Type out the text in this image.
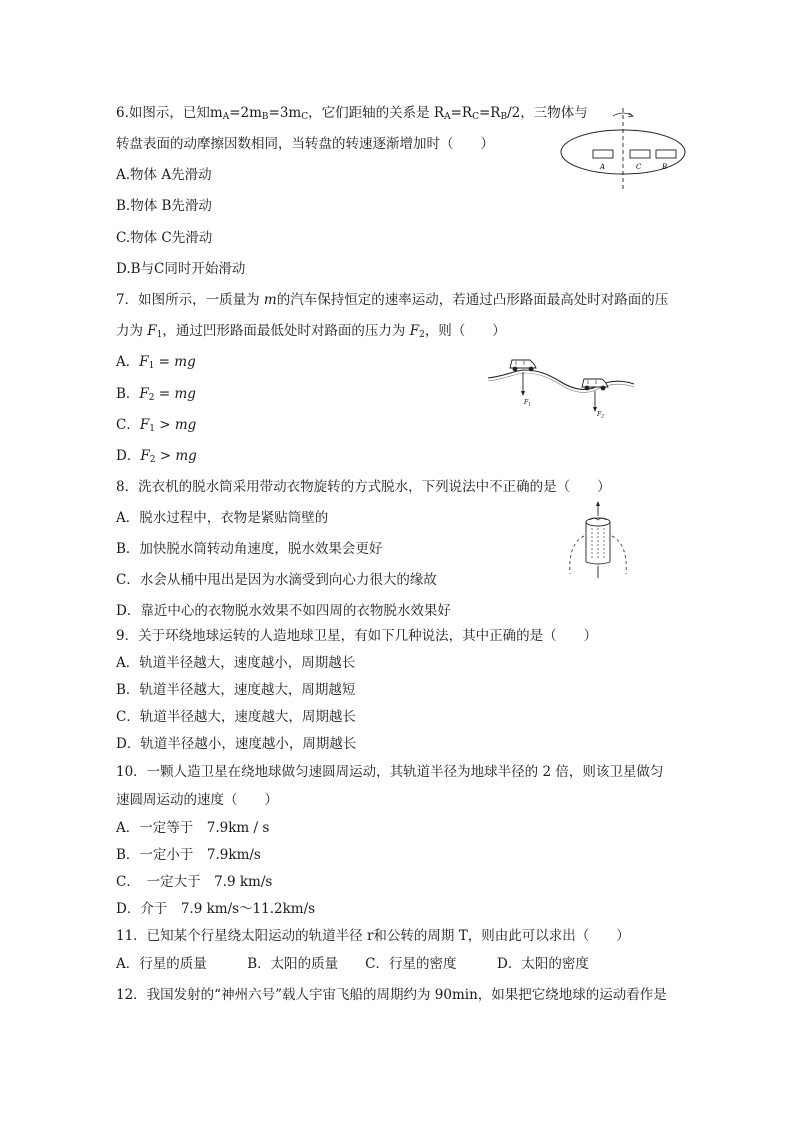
6.如图示，已知$m_A=2m_B=3m_C$，它们距轴的关系是 $R_A=R_C=R_B/2$，三物体与
转盘表面的动摩擦因数相同，当转盘的转速逐渐增加时（　　）
A.物体 A先滑动
B.物体 B先滑动
C.物体 C先滑动
D.B与C同时开始滑动
A	C	B
7．如图所示，一质量为 m的汽车保持恒定的速率运动，若通过凸形路面最高处时对路面的压
力为 $F_1$，通过凹形路面最低处时对路面的压力为 $F_2$，则（　　）
A．$F_1$ = mg
B．$F_2$ = mg
C．$F_1$ > mg
D．$F_2$ > mg
$F_1$
$F_2$
8．洗衣机的脱水筒采用带动衣物旋转的方式脱水，下列说法中不正确的是（　　）
A．脱水过程中，衣物是紧贴筒壁的
B．加快脱水筒转动角速度，脱水效果会更好
C．水会从桶中甩出是因为水滴受到向心力很大的缘故
D．靠近中心的衣物脱水效果不如四周的衣物脱水效果好
9．关于环绕地球运转的人造地球卫星，有如下几种说法，其中正确的是（　　）
A．轨道半径越大，速度越小，周期越长
B．轨道半径越大，速度越大，周期越短
C．轨道半径越大，速度越大，周期越长
D．轨道半径越小，速度越小，周期越长
10．一颗人造卫星在绕地球做匀速圆周运动，其轨道半径为地球半径的 2 倍，则该卫星做匀
速圆周运动的速度（　　）
A．一定等于　7.9km / s
B．一定小于　7.9km/s
C．　一定大于　7.9 km/s
D．介于　7.9 km/s～11.2km/s
11．已知某个行星绕太阳运动的轨道半径 r和公转的周期 T，则由此可以求出（　　）
A．行星的质量　　　B．太阳的质量　　C．行星的密度　　　D．太阳的密度
12．我国发射的“神州六号”载人宇宙飞船的周期约为 90min，如果把它绕地球的运动看作是
